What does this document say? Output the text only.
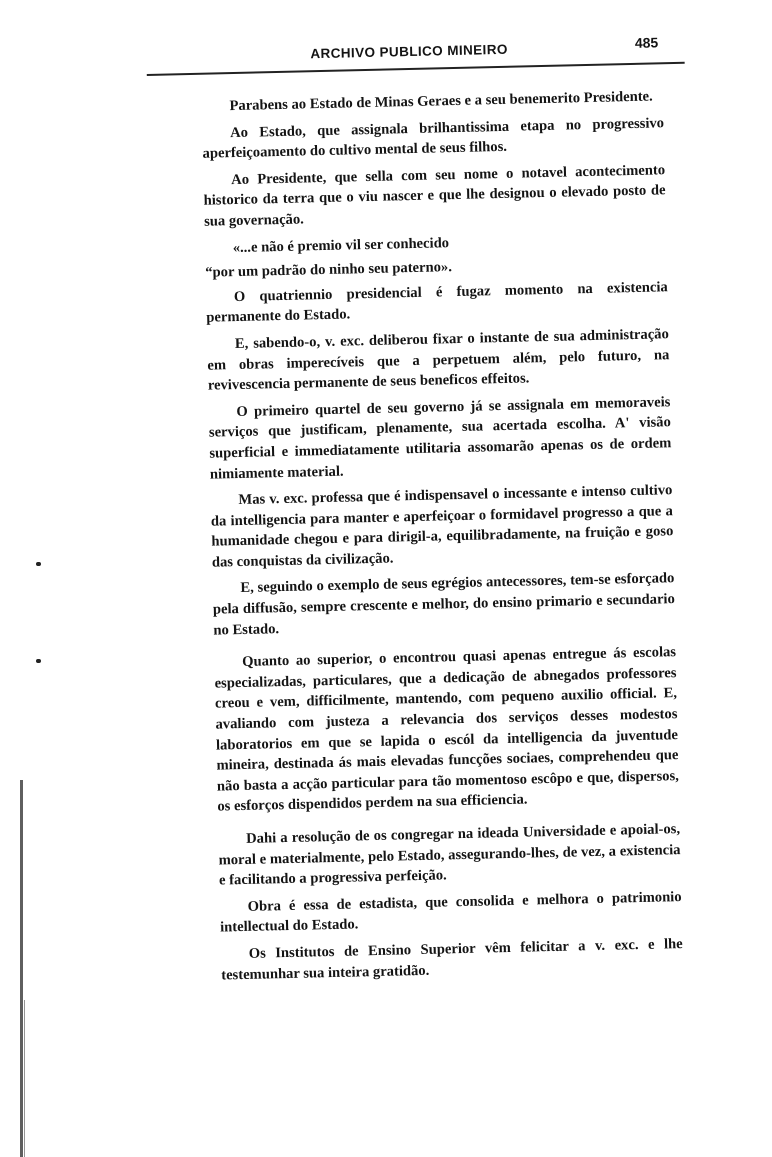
ARCHIVO PUBLICO MINEIRO	485

Parabens ao Estado de Minas Geraes e a seu benemerito Presidente.

Ao Estado, que assignala brilhantissima etapa no progressivo aperfeiçoamento do cultivo mental de seus filhos.

Ao Presidente, que sella com seu nome o notavel acontecimento historico da terra que o viu nascer e que lhe designou o elevado posto de sua governação.

«...e não é premio vil ser conhecido

“por um padrão do ninho seu paterno».

O quatriennio presidencial é fugaz momento na existencia permanente do Estado.

E, sabendo-o, v. exc. deliberou fixar o instante de sua administração em obras imperecíveis que a perpetuem além, pelo futuro, na revivescencia permanente de seus beneficos effeitos.

O primeiro quartel de seu governo já se assignala em memoraveis serviços que justificam, plenamente, sua acertada escolha. A' visão superficial e immediatamente utilitaria assomarão apenas os de ordem nimiamente material.

Mas v. exc. professa que é indispensavel o incessante e intenso cultivo da intelligencia para manter e aperfeiçoar o formidavel progresso a que a humanidade chegou e para dirigil-a, equilibradamente, na fruição e goso das conquistas da civilização.

E, seguindo o exemplo de seus egrégios antecessores, tem-se esforçado pela diffusão, sempre crescente e melhor, do ensino primario e secundario no Estado.

Quanto ao superior, o encontrou quasi apenas entregue ás escolas especializadas, particulares, que a dedicação de abnegados professores creou e vem, difficilmente, mantendo, com pequeno auxilio official. E, avaliando com justeza a relevancia dos serviços desses modestos laboratorios em que se lapida o escól da intelligencia da juventude mineira, destinada ás mais elevadas funcções sociaes, comprehendeu que não basta a acção particular para tão momentoso escôpo e que, dispersos, os esforços dispendidos perdem na sua efficiencia.

Dahi a resolução de os congregar na ideada Universidade e apoial-os, moral e materialmente, pelo Estado, assegurando-lhes, de vez, a existencia e facilitando a progressiva perfeição.

Obra é essa de estadista, que consolida e melhora o patrimonio intellectual do Estado.

Os Institutos de Ensino Superior vêm felicitar a v. exc. e lhe testemunhar sua inteira gratidão.
